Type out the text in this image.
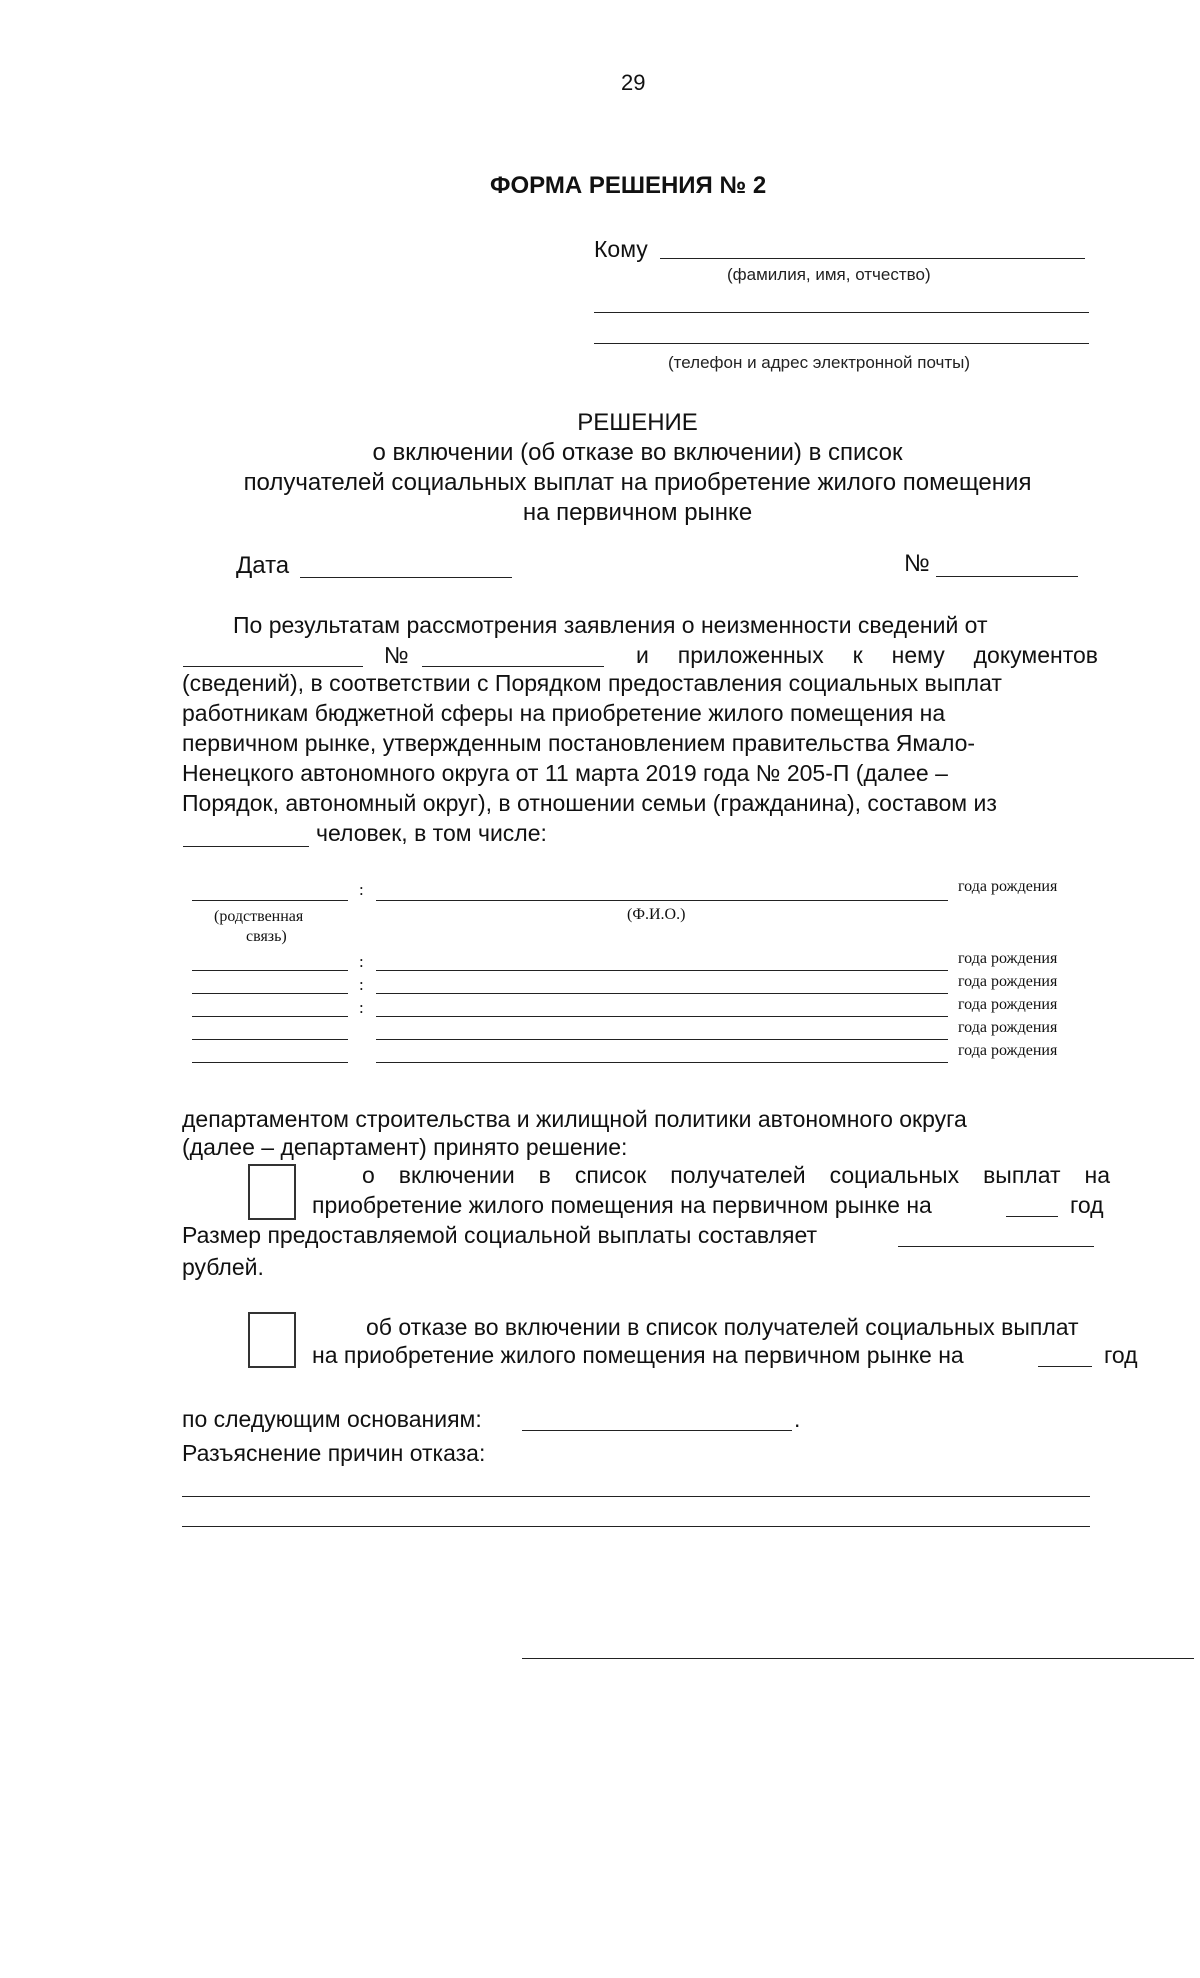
29
ФОРМА РЕШЕНИЯ № 2
Кому
(фамилия, имя, отчество)
(телефон и адрес электронной почты)
РЕШЕНИЕ
о включении (об отказе во включении) в список
получателей социальных выплат на приобретение жилого помещения
на первичном рынке
Дата	№
По результатам рассмотрения заявления о неизменности сведений от
№	и приложенных к нему документов
(сведений), в соответствии с Порядком предоставления социальных выплат
работникам бюджетной сферы на приобретение жилого помещения на
первичном рынке, утвержденным постановлением правительства Ямало-
Ненецкого автономного округа от 11 марта 2019 года № 205-П (далее –
Порядок, автономный округ), в отношении семьи (гражданина), составом из
человек, в том числе:
:	года рождения
(родственная
связь)
(Ф.И.О.)
:	года рождения
:	года рождения
:	года рождения
года рождения
года рождения
департаментом строительства и жилищной политики автономного округа
(далее – департамент) принято решение:
о включении в список получателей социальных выплат на
приобретение жилого помещения на первичном рынке на	год
Размер предоставляемой социальной выплаты составляет
рублей.
об отказе во включении в список получателей социальных выплат
на приобретение жилого помещения на первичном рынке на	год
по следующим основаниям:	.
Разъяснение причин отказа:
